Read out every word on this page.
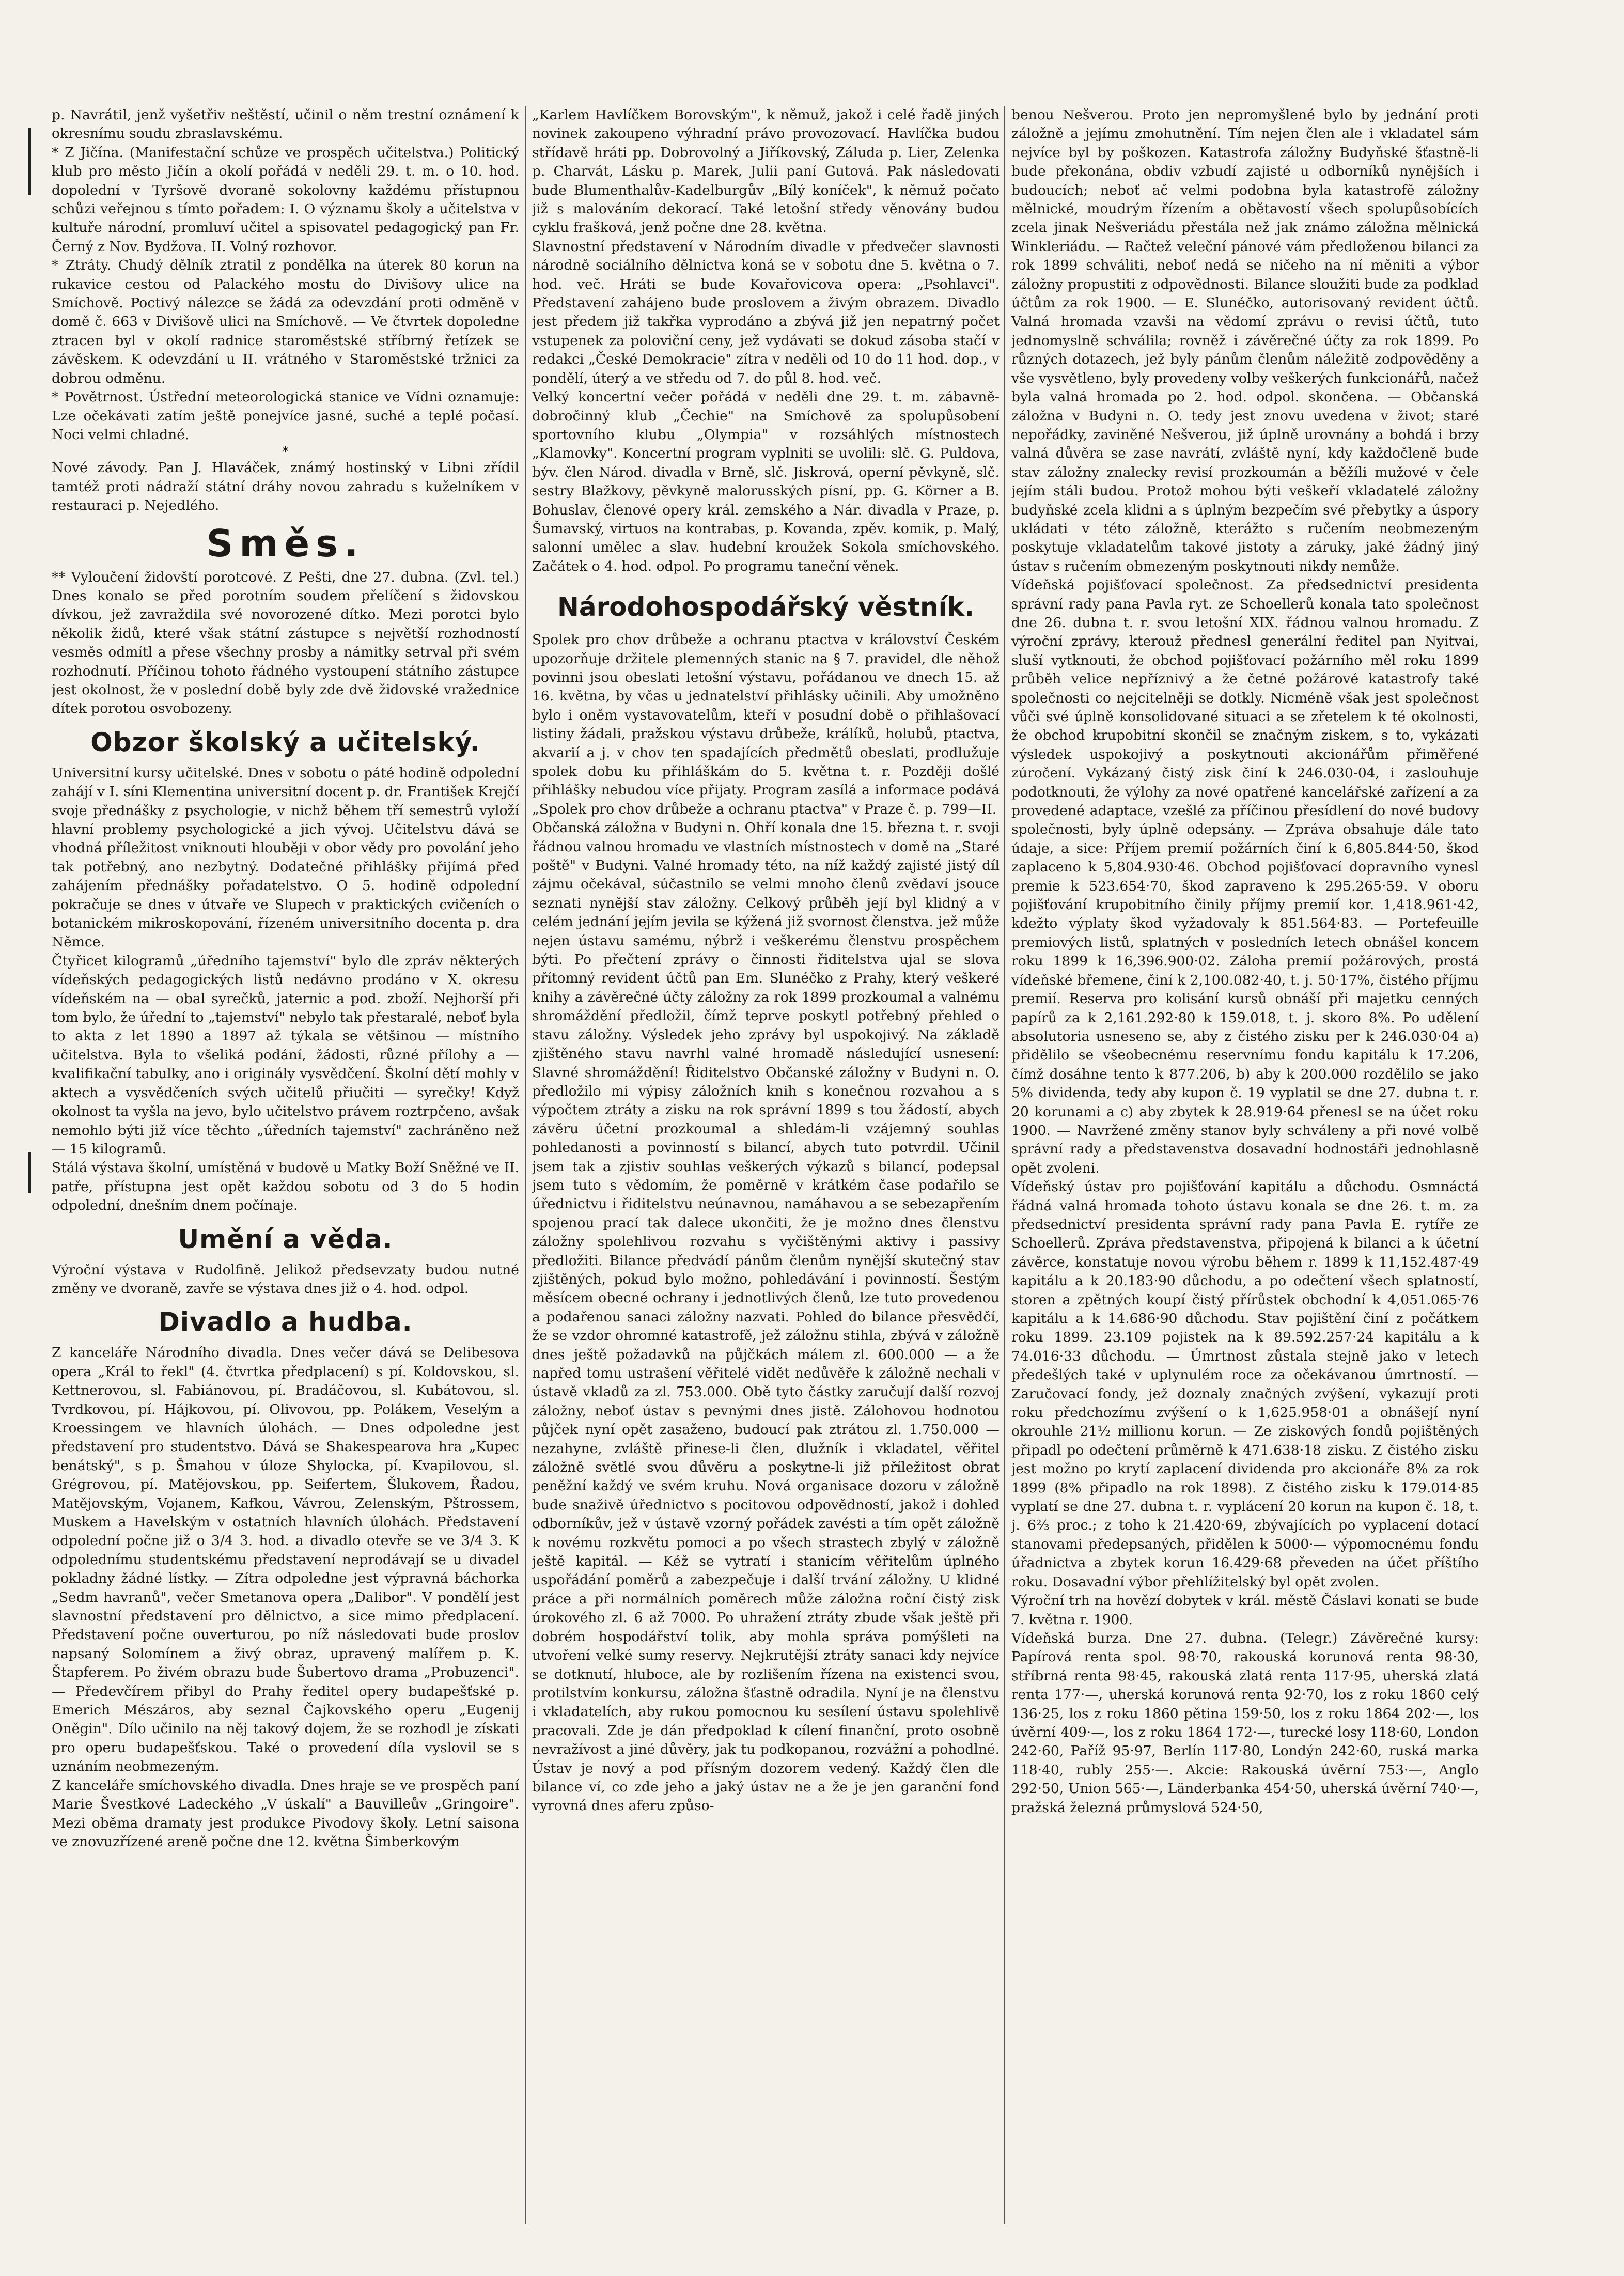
p. Navrátil, jenž vyšetřiv neštěstí, učinil o něm trestní oznámení k okresnímu soudu zbraslavskému.

* Z Jičína. (Manifestační schůze ve prospěch učitelstva.) Politický klub pro město Jičín a okolí pořádá v neděli 29. t. m. o 10. hod. dopolední v Tyršově dvoraně sokolovny každému přístupnou schůzi veřejnou s tímto pořadem: I. O významu školy a učitelstva v kultuře národní, promluví učitel a spisovatel pedagogický pan Fr. Černý z Nov. Bydžova. II. Volný rozhovor.

* Ztráty. Chudý dělník ztratil z pondělka na úterek 80 korun na rukavice cestou od Palackého mostu do Divišovy ulice na Smíchově. Poctivý nálezce se žádá za odevzdání proti odměně v domě č. 663 v Divišově ulici na Smíchově. — Ve čtvrtek dopoledne ztracen byl v okolí radnice staroměstské stříbrný řetízek se závěskem. K odevzdání u II. vrátného v Staroměstské tržnici za dobrou odměnu.

* Povětrnost. Ústřední meteorologická stanice ve Vídni oznamuje: Lze očekávati zatím ještě ponejvíce jasné, suché a teplé počasí. Noci velmi chladné.

*

Nové závody. Pan J. Hlaváček, známý hostinský v Libni zřídil tamtéž proti nádraží státní dráhy novou zahradu s kuželníkem v restauraci p. Nejedlého.

Směs.

** Vyloučení židovští porotcové. Z Pešti, dne 27. dubna. (Zvl. tel.) Dnes konalo se před porotním soudem přelíčení s židovskou dívkou, jež zavraždila své novorozené dítko. Mezi porotci bylo několik židů, které však státní zástupce s největší rozhodností vesměs odmítl a přese všechny prosby a námitky setrval při svém rozhodnutí. Příčinou tohoto řádného vystoupení státního zástupce jest okolnost, že v poslední době byly zde dvě židovské vražednice dítek porotou osvobozeny.

Obzor školský a učitelský.

Universitní kursy učitelské. Dnes v sobotu o páté hodině odpolední zahájí v I. síni Klementina universitní docent p. dr. František Krejčí svoje přednášky z psychologie, v nichž během tří semestrů vyloží hlavní problemy psychologické a jich vývoj. Učitelstvu dává se vhodná příležitost vniknouti hlouběji v obor vědy pro povolání jeho tak potřebný, ano nezbytný. Dodatečné přihlášky přijímá před zahájením přednášky pořadatelstvo. O 5. hodině odpolední pokračuje se dnes v útvaře ve Slupech v praktických cvičeních o botanickém mikroskopování, řízeném universitního docenta p. dra Němce.

Čtyřicet kilogramů „úředního tajemství" bylo dle zpráv některých vídeňských pedagogických listů nedávno prodáno v X. okresu vídeňském na — obal syrečků, jaternic a pod. zboží. Nejhorší při tom bylo, že úřední to „tajemství" nebylo tak přestaralé, neboť byla to akta z let 1890 a 1897 až týkala se většinou — místního učitelstva. Byla to všeliká podání, žádosti, různé přílohy a — kvalifikační tabulky, ano i originály vysvědčení. Školní dětí mohly v aktech a vysvědčeních svých učitelů přiučiti — syrečky! Když okolnost ta vyšla na jevo, bylo učitelstvo právem roztrpčeno, avšak nemohlo býti již více těchto „úředních tajemství" zachráněno než — 15 kilogramů.

Stálá výstava školní, umístěná v budově u Matky Boží Sněžné ve II. patře, přístupna jest opět každou sobotu od 3 do 5 hodin odpolední, dnešním dnem počínaje.

Umění a věda.

Výroční výstava v Rudolfině. Jelikož předsevzaty budou nutné změny ve dvoraně, zavře se výstava dnes již o 4. hod. odpol.

Divadlo a hudba.

Z kanceláře Národního divadla. Dnes večer dává se Delibesova opera „Král to řekl" (4. čtvrtka předplacení) s pí. Koldovskou, sl. Kettnerovou, sl. Fabiánovou, pí. Bradáčovou, sl. Kubátovou, sl. Tvrdkovou, pí. Hájkovou, pí. Olivovou, pp. Polákem, Veselým a Kroessingem ve hlavních úlohách. — Dnes odpoledne jest představení pro studentstvo. Dává se Shakespearova hra „Kupec benátský", s p. Šmahou v úloze Shylocka, pí. Kvapilovou, sl. Grégrovou, pí. Matějovskou, pp. Seifertem, Šlukovem, Řadou, Matějovským, Vojanem, Kafkou, Vávrou, Zelenským, Pštrossem, Muskem a Havelským v ostatních hlavních úlohách. Představení odpolední počne již o 3/4 3. hod. a divadlo otevře se ve 3/4 3. K odpolednímu studentskému představení neprodávají se u divadel pokladny žádné lístky. — Zítra odpoledne jest výpravná báchorka „Sedm havranů", večer Smetanova opera „Dalibor". V pondělí jest slavnostní představení pro dělnictvo, a sice mimo předplacení. Představení počne ouverturou, po níž následovati bude proslov napsaný Solomínem a živý obraz, upravený malířem p. K. Štapferem. Po živém obrazu bude Šubertovo drama „Probuzenci". — Předevčírem přibyl do Prahy ředitel opery budapešťské p. Emerich Mészáros, aby seznal Čajkovského operu „Eugenij Oněgin". Dílo učinilo na něj takový dojem, že se rozhodl je získati pro operu budapešťskou. Také o provedení díla vyslovil se s uznáním neobmezeným.

Z kanceláře smíchovského divadla. Dnes hraje se ve prospěch paní Marie Švestkové Ladeckého „V úskalí" a Bauvilleův „Gringoire". Mezi oběma dramaty jest produkce Pivodovy školy. Letní saisona ve znovuzřízené areně počne dne 12. května Šimberkovým

„Karlem Havlíčkem Borovským", k němuž, jakož i celé řadě jiných novinek zakoupeno výhradní právo provozovací. Havlíčka budou střídavě hráti pp. Dobrovolný a Jiříkovský, Záluda p. Lier, Zelenka p. Charvát, Lásku p. Marek, Julii paní Gutová. Pak následovati bude Blumenthalův-Kadelburgův „Bílý koníček", k němuž počato již s malováním dekorací. Také letošní středy věnovány budou cyklu frašková, jenž počne dne 28. května.

Slavnostní představení v Národním divadle v předvečer slavnosti národně sociálního dělnictva koná se v sobotu dne 5. května o 7. hod. več. Hráti se bude Kovařovicova opera: „Psohlavci". Představení zahájeno bude proslovem a živým obrazem. Divadlo jest předem již takřka vyprodáno a zbývá již jen nepatrný počet vstupenek za poloviční ceny, jež vydávati se dokud zásoba stačí v redakci „České Demokracie" zítra v neděli od 10 do 11 hod. dop., v pondělí, úterý a ve středu od 7. do půl 8. hod. več.

Velký koncertní večer pořádá v neděli dne 29. t. m. zábavně-dobročinný klub „Čechie" na Smíchově za spolupůsobení sportovního klubu „Olympia" v rozsáhlých místnostech „Klamovky". Koncertní program vyplniti se uvolili: slč. G. Puldova, býv. člen Národ. divadla v Brně, slč. Jiskrová, operní pěvkyně, slč. sestry Blažkovy, pěvkyně malorusských písní, pp. G. Körner a B. Bohuslav, členové opery král. zemského a Nár. divadla v Praze, p. Šumavský, virtuos na kontrabas, p. Kovanda, zpěv. komik, p. Malý, salonní umělec a slav. hudební kroužek Sokola smíchovského. Začátek o 4. hod. odpol. Po programu taneční věnek.

Národohospodářský věstník.

Spolek pro chov drůbeže a ochranu ptactva v království Českém upozorňuje držitele plemenných stanic na § 7. pravidel, dle něhož povinni jsou obeslati letošní výstavu, pořádanou ve dnech 15. až 16. května, by včas u jednatelství přihlásky učinili. Aby umožněno bylo i oněm vystavovatelům, kteří v posudní době o přihlašovací listiny žádali, pražskou výstavu drůbeže, králíků, holubů, ptactva, akvarií a j. v chov ten spadajících předmětů obeslati, prodlužuje spolek dobu ku přihláškám do 5. května t. r. Později došlé přihlášky nebudou více přijaty. Program zasílá a informace podává „Spolek pro chov drůbeže a ochranu ptactva" v Praze č. p. 799—II.

Občanská záložna v Budyni n. Ohří konala dne 15. března t. r. svoji řádnou valnou hromadu ve vlastních místnostech v domě na „Staré poště" v Budyni. Valné hromady této, na níž každý zajisté jistý díl zájmu očekával, súčastnilo se velmi mnoho členů zvědaví jsouce seznati nynější stav záložny. Celkový průběh její byl klidný a v celém jednání jejím jevila se kýžená již svornost členstva. jež může nejen ústavu samému, nýbrž i veškerému členstvu prospěchem býti. Po přečtení zprávy o činnosti řiditelstva ujal se slova přítomný revident účtů pan Em. Slunéčko z Prahy, který veškeré knihy a závěrečné účty záložny za rok 1899 prozkoumal a valnému shromáždění předložil, čímž teprve poskytl potřebný přehled o stavu záložny. Výsledek jeho zprávy byl uspokojivý. Na základě zjištěného stavu navrhl valné hromadě následující usnesení: Slavné shromáždění! Řiditelstvo Občanské záložny v Budyni n. O. předložilo mi výpisy záložních knih s konečnou rozvahou a s výpočtem ztráty a zisku na rok správní 1899 s tou žádostí, abych závěru účetní prozkoumal a shledám-li vzájemný souhlas pohledanosti a povinností s bilancí, abych tuto potvrdil. Učinil jsem tak a zjistiv souhlas veškerých výkazů s bilancí, podepsal jsem tuto s vědomím, že poměrně v krátkém čase podařilo se úřednictvu i řiditelstvu neúnavnou, namáhavou a se sebezapřením spojenou prací tak dalece ukončiti, že je možno dnes členstvu záložny spolehlivou rozvahu s vyčištěnými aktivy i passivy předložiti. Bilance předvádí pánům členům nynější skutečný stav zjištěných, pokud bylo možno, pohledávání i povinností. Šestým měsícem obecné ochrany i jednotlivých členů, lze tuto provedenou a podařenou sanaci záložny nazvati. Pohled do bilance přesvědčí, že se vzdor ohromné katastrofě, jež záložnu stihla, zbývá v záložně dnes ještě požadavků na půjčkách málem zl. 600.000 — a že napřed tomu ustrašení věřitelé vidět nedůvěře k záložně nechali v ústavě vkladů za zl. 753.000. Obě tyto částky zaručují další rozvoj záložny, neboť ústav s pevnými dnes jistě. Zálohovou hodnotou půjček nyní opět zasaženo, budoucí pak ztrátou zl. 1.750.000 — nezahyne, zvláště přinese-li člen, dlužník i vkladatel, věřitel záložně světlé svou důvěru a poskytne-li již příležitost obrat peněžní každý ve svém kruhu. Nová organisace dozoru v záložně bude snaživě úřednictvo s pocitovou odpovědností, jakož i dohled odborníkův, jež v ústavě vzorný pořádek zavésti a tím opět záložně k novému rozkvětu pomoci a po všech strastech zbylý v záložně ještě kapitál. — Kéž se vytratí i stanicím věřitelům úplného uspořádání poměrů a zabezpečuje i další trvání záložny. U klidné práce a při normálních poměrech může záložna roční čistý zisk úrokového zl. 6 až 7000. Po uhražení ztráty zbude však ještě při dobrém hospodářství tolik, aby mohla správa pomýšleti na utvoření velké sumy reservy. Nejkrutější ztráty sanaci kdy nejvíce se dotknutí, hluboce, ale by rozlišením řízena na existenci svou, protilstvím konkursu, záložna šťastně odradila. Nyní je na členstvu i vkladatelích, aby rukou pomocnou ku sesílení ústavu spolehlivě pracovali. Zde je dán předpoklad k cílení finanční, proto osobně nevražívost a jiné důvěry, jak tu podkopanou, rozvážní a pohodlné. Ústav je nový a pod přísným dozorem vedený. Každý člen dle bilance ví, co zde jeho a jaký ústav ne a že je jen garanční fond vyrovná dnes aferu způso-

benou Nešverou. Proto jen nepromyšlené bylo by jednání proti záložně a jejímu zmohutnění. Tím nejen člen ale i vkladatel sám nejvíce byl by poškozen. Katastrofa záložny Budyňské šťastně-li bude překonána, obdiv vzbudí zajisté u odborníků nynějších i budoucích; neboť ač velmi podobna byla katastrofě záložny mělnické, moudrým řízením a obětavostí všech spolupůsobících zcela jinak Nešveriádu přestála než jak známo záložna mělnická Winkleriádu. — Račtež veleční pánové vám předloženou bilanci za rok 1899 schváliti, neboť nedá se ničeho na ní měniti a výbor záložny propustiti z odpovědnosti. Bilance sloužiti bude za podklad účtům za rok 1900. — E. Slunéčko, autorisovaný revident účtů. Valná hromada vzavši na vědomí zprávu o revisi účtů, tuto jednomyslně schválila; rovněž i závěrečné účty za rok 1899. Po různých dotazech, jež byly pánům členům náležitě zodpověděny a vše vysvětleno, byly provedeny volby veškerých funkcionářů, načež byla valná hromada po 2. hod. odpol. skončena. — Občanská záložna v Budyni n. O. tedy jest znovu uvedena v život; staré nepořádky, zaviněné Nešverou, již úplně urovnány a bohdá i brzy valná důvěra se zase navrátí, zvláště nyní, kdy každočleně bude stav záložny znalecky revisí prozkoumán a běžíli mužové v čele jejím stáli budou. Protož mohou býti veškeří vkladatelé záložny budyňské zcela klidni a s úplným bezpečím své přebytky a úspory ukládati v této záložně, kterážto s ručením neobmezeným poskytuje vkladatelům takové jistoty a záruky, jaké žádný jiný ústav s ručením obmezeným poskytnouti nikdy nemůže.

Vídeňská pojišťovací společnost. Za předsednictví presidenta správní rady pana Pavla ryt. ze Schoellerů konala tato společnost dne 26. dubna t. r. svou letošní XIX. řádnou valnou hromadu. Z výroční zprávy, kterouž přednesl generální ředitel pan Nyitvai, sluší vytknouti, že obchod pojišťovací požárního měl roku 1899 průběh velice nepříznivý a že četné požárové katastrofy také společnosti co nejcitelněji se dotkly. Nicméně však jest společnost vůči své úplně konsolidované situaci a se zřetelem k té okolnosti, že obchod krupobitní skončil se značným ziskem, s to, vykázati výsledek uspokojivý a poskytnouti akcionářům přiměřené zúročení. Vykázaný čistý zisk činí k 246.030-04, i zaslouhuje podotknouti, že výlohy za nové opatřené kancelářské zařízení a za provedené adaptace, vzešlé za příčinou přesídlení do nové budovy společnosti, byly úplně odepsány. — Zpráva obsahuje dále tato údaje, a sice: Příjem premií požárních činí k 6,805.844·50, škod zaplaceno k 5,804.930·46. Obchod pojišťovací dopravního vynesl premie k 523.654·70, škod zapraveno k 295.265·59. V oboru pojišťování krupobitního činily příjmy premií kor. 1,418.961·42, kdežto výplaty škod vyžadovaly k 851.564·83. — Portefeuille premiových listů, splatných v posledních letech obnášel koncem roku 1899 k 16,396.900·02. Záloha premií požárových, prostá vídeňské břemene, činí k 2,100.082·40, t. j. 50·17%, čistého příjmu premií. Reserva pro kolisání kursů obnáší při majetku cenných papírů za k 2,161.292·80 k 159.018, t. j. skoro 8%. Po udělení absolutoria usneseno se, aby z čistého zisku per k 246.030·04 a) přidělilo se všeobecnému reservnímu fondu kapitálu k 17.206, čímž dosáhne tento k 877.206, b) aby k 200.000 rozdělilo se jako 5% dividenda, tedy aby kupon č. 19 vyplatil se dne 27. dubna t. r. 20 korunami a c) aby zbytek k 28.919·64 přenesl se na účet roku 1900. — Navržené změny stanov byly schváleny a při nové volbě správní rady a představenstva dosavadní hodnostáři jednohlasně opět zvoleni.

Vídeňský ústav pro pojišťování kapitálu a důchodu. Osmnáctá řádná valná hromada tohoto ústavu konala se dne 26. t. m. za předsednictví presidenta správní rady pana Pavla E. rytíře ze Schoellerů. Zpráva představenstva, připojená k bilanci a k účetní závěrce, konstatuje novou výrobu během r. 1899 k 11,152.487·49 kapitálu a k 20.183·90 důchodu, a po odečtení všech splatností, storen a zpětných koupí čistý přírůstek obchodní k 4,051.065·76 kapitálu a k 14.686·90 důchodu. Stav pojištění činí z počátkem roku 1899. 23.109 pojistek na k 89.592.257·24 kapitálu a k 74.016·33 důchodu. — Úmrtnost zůstala stejně jako v letech předešlých také v uplynulém roce za očekávanou úmrtností. — Zaručovací fondy, jež doznaly značných zvýšení, vykazují proti roku předchozímu zvýšení o k 1,625.958·01 a obnášejí nyní okrouhle 21½ millionu korun. — Ze ziskových fondů pojištěných připadl po odečtení průměrně k 471.638·18 zisku. Z čistého zisku jest možno po krytí zaplacení dividenda pro akcionáře 8% za rok 1899 (8% připadlo na rok 1898). Z čistého zisku k 179.014·85 vyplatí se dne 27. dubna t. r. vyplácení 20 korun na kupon č. 18, t. j. 6⅔ proc.; z toho k 21.420·69, zbývajících po vyplacení dotací stanovami předepsaných, přidělen k 5000·— výpomocnému fondu úřadnictva a zbytek korun 16.429·68 převeden na účet příštího roku. Dosavadní výbor přehlížitelský byl opět zvolen.

Výroční trh na hovězí dobytek v král. městě Čáslavi konati se bude 7. května r. 1900.

Vídeňská burza. Dne 27. dubna. (Telegr.) Závěrečné kursy: Papírová renta spol. 98·70, rakouská korunová renta 98·30, stříbrná renta 98·45, rakouská zlatá renta 117·95, uherská zlatá renta 177·—, uherská korunová renta 92·70, los z roku 1860 celý 136·25, los z roku 1860 pětina 159·50, los z roku 1864 202·—, los úvěrní 409·—, los z roku 1864 172·—, turecké losy 118·60, London 242·60, Paříž 95·97, Berlín 117·80, Londýn 242·60, ruská marka 118·40, rubly 255·—. Akcie: Rakouská úvěrní 753·—, Anglo 292·50, Union 565·—, Länderbanka 454·50, uherská úvěrní 740·—, pražská železná průmyslová 524·50,
